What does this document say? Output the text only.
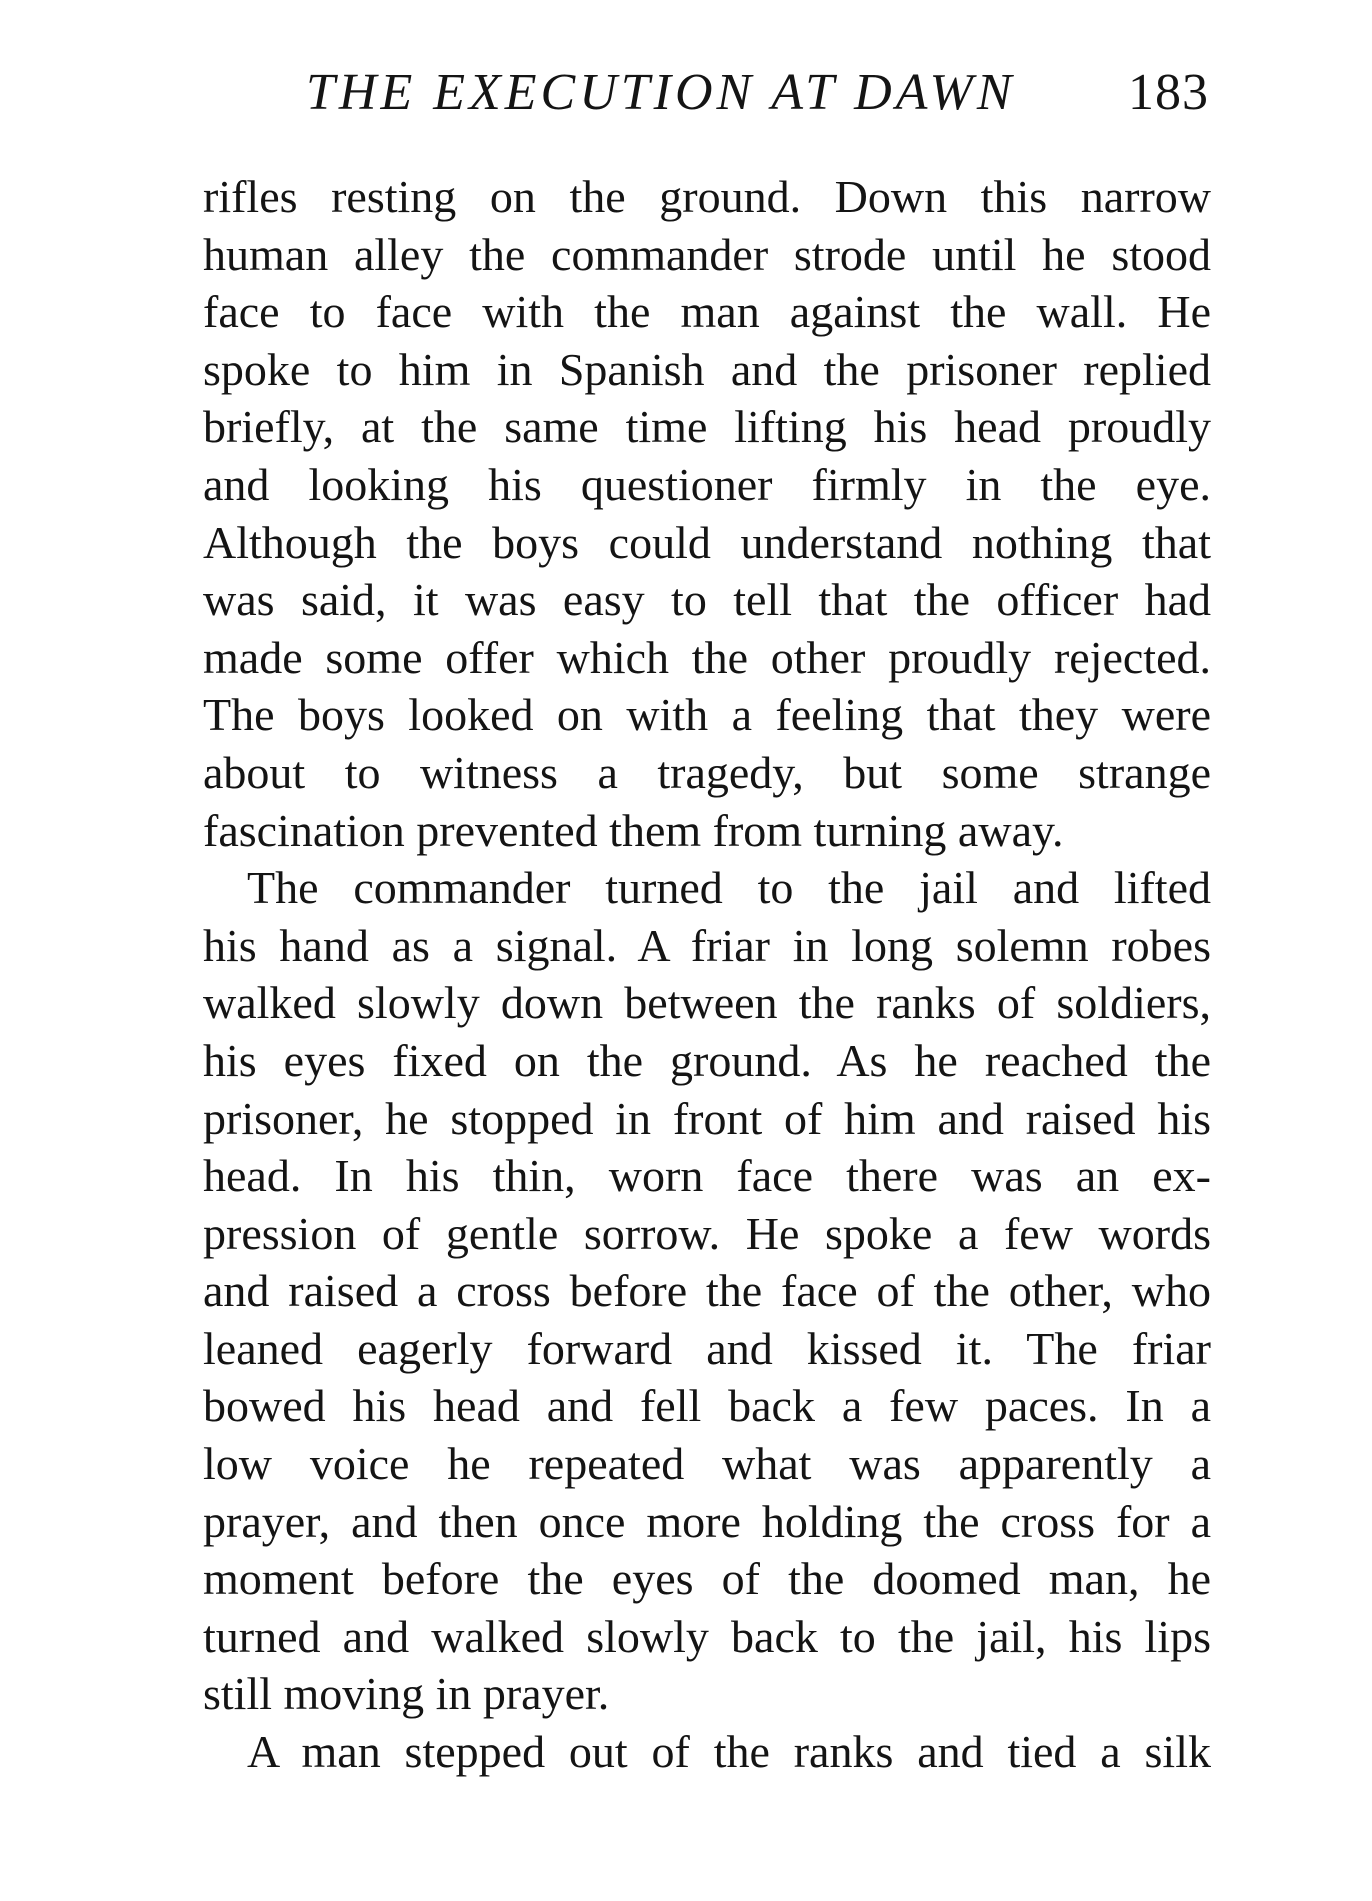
THE EXECUTION AT DAWN 183
rifles resting on the ground. Down this narrow
human alley the commander strode until he stood
face to face with the man against the wall. He
spoke to him in Spanish and the prisoner replied
briefly, at the same time lifting his head proudly
and looking his questioner firmly in the eye.
Although the boys could understand nothing that
was said, it was easy to tell that the officer had
made some offer which the other proudly rejected.
The boys looked on with a feeling that they were
about to witness a tragedy, but some strange
fascination prevented them from turning away.
The commander turned to the jail and lifted
his hand as a signal. A friar in long solemn robes
walked slowly down between the ranks of soldiers,
his eyes fixed on the ground. As he reached the
prisoner, he stopped in front of him and raised his
head. In his thin, worn face there was an ex-
pression of gentle sorrow. He spoke a few words
and raised a cross before the face of the other, who
leaned eagerly forward and kissed it. The friar
bowed his head and fell back a few paces. In a
low voice he repeated what was apparently a
prayer, and then once more holding the cross for a
moment before the eyes of the doomed man, he
turned and walked slowly back to the jail, his lips
still moving in prayer.
A man stepped out of the ranks and tied a silk
